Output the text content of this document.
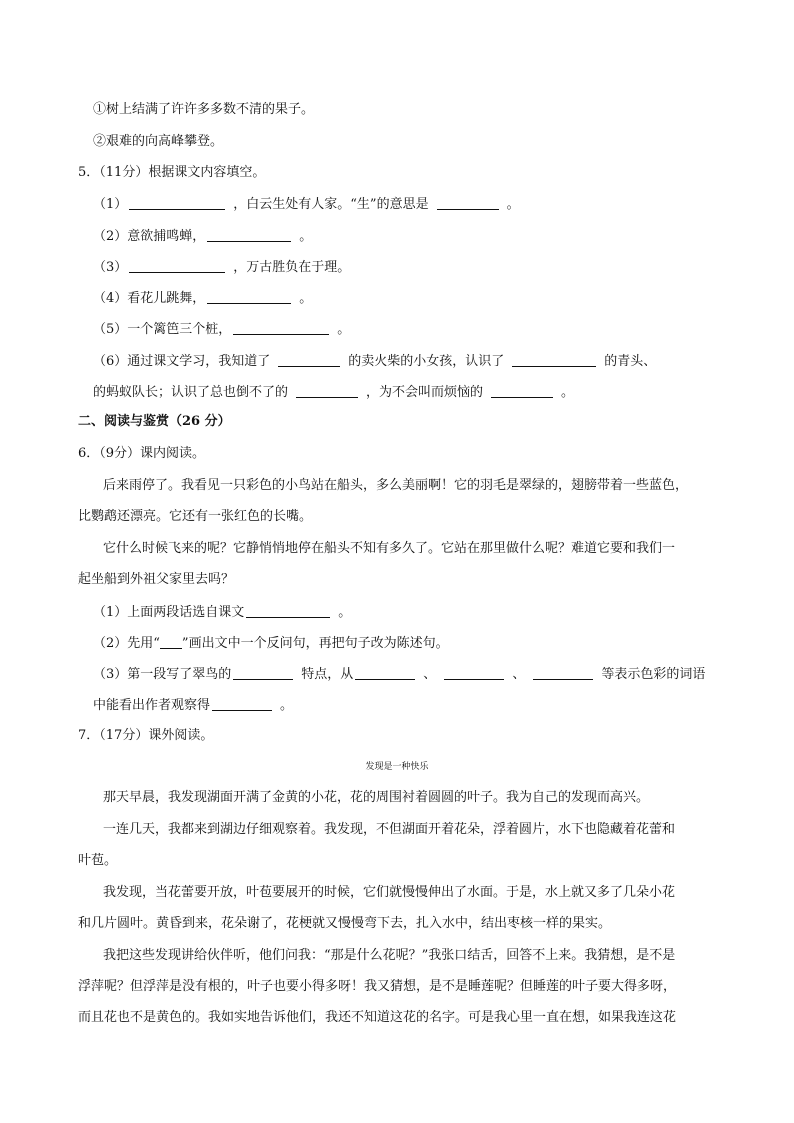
①树上结满了许许多多数不清的果子。
②艰难的向高峰攀登。
5．（11分）根据课文内容填空。
（1）	，白云生处有人家。“生”的意思是	。
（2）意欲捕鸣蝉，	。
（3）	，万古胜负在于理。
（4）看花儿跳舞，	。
（5）一个篱笆三个桩，	。
（6）通过课文学习，我知道了	的卖火柴的小女孩，认识了	的青头、
的蚂蚁队长；认识了总也倒不了的	，为不会叫而烦恼的	。
二、阅读与鉴赏（26 分）
6．（9分）课内阅读。
后来雨停了。我看见一只彩色的小鸟站在船头，多么美丽啊！它的羽毛是翠绿的，翅膀带着一些蓝色，
比鹦鹉还漂亮。它还有一张红色的长嘴。
它什么时候飞来的呢？它静悄悄地停在船头不知有多久了。它站在那里做什么呢？难道它要和我们一
起坐船到外祖父家里去吗？
（1）上面两段话选自课文	。
（2）先用“ ”画出文中一个反问句，再把句子改为陈述句。
（3）第一段写了翠鸟的	特点，从	、	、	等表示色彩的词语
中能看出作者观察得	。
7．（17分）课外阅读。
发现是一种快乐
那天早晨，我发现湖面开满了金黄的小花，花的周围衬着圆圆的叶子。我为自己的发现而高兴。
一连几天，我都来到湖边仔细观察着。我发现，不但湖面开着花朵，浮着圆片，水下也隐藏着花蕾和
叶苞。
我发现，当花蕾要开放，叶苞要展开的时候，它们就慢慢伸出了水面。于是，水上就又多了几朵小花
和几片圆叶。黄昏到来，花朵谢了，花梗就又慢慢弯下去，扎入水中，结出枣核一样的果实。
我把这些发现讲给伙伴听，他们问我：“那是什么花呢？”我张口结舌，回答不上来。我猜想，是不是
浮萍呢？但浮萍是没有根的，叶子也要小得多呀！我又猜想，是不是睡莲呢？但睡莲的叶子要大得多呀，
而且花也不是黄色的。我如实地告诉他们，我还不知道这花的名字。可是我心里一直在想，如果我连这花
